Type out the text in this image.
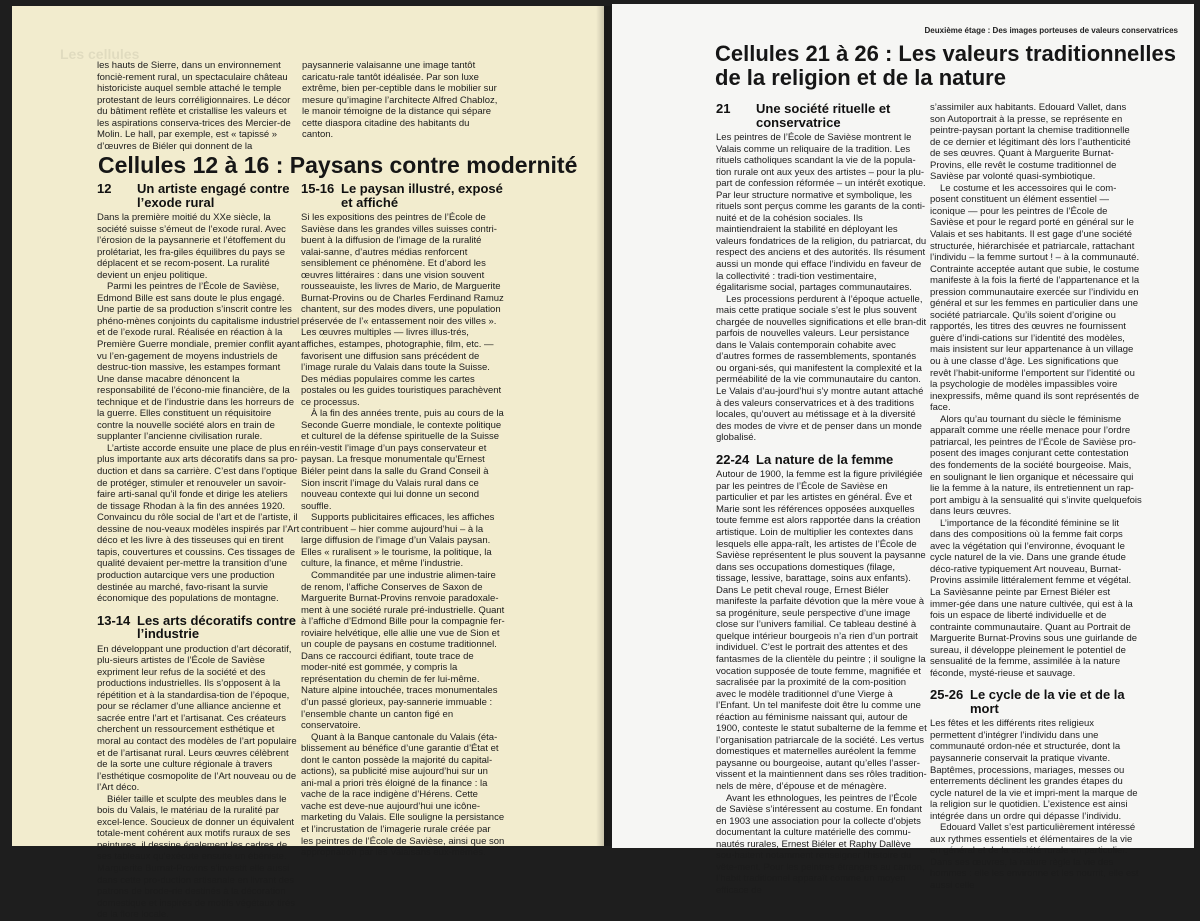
Les cellules

les hauts de Sierre, dans un environnement fonciè-rement rural, un spectaculaire château historiciste auquel semble attaché le temple protestant de leurs corréligionnaires. Le décor du bâtiment reflète et cristallise les valeurs et les aspirations conserva-trices des Mercier-de Molin. Le hall, par exemple, est « tapissé » d’œuvres de Biéler qui donnent de la

paysannerie valaisanne une image tantôt caricatu-rale tantôt idéalisée. Par son luxe extrême, bien per-ceptible dans le mobilier sur mesure qu’imagine l’architecte Alfred Chabloz, le manoir témoigne de la distance qui sépare cette diaspora citadine des habitants du canton.

Cellules 12 à 16 : Paysans contre modernité
12	Un artiste engagé contre l’exode rural

Dans la première moitié du XXe siècle, la société suisse s’émeut de l’exode rural. Avec l’érosion de la paysannerie et l’étoffement du prolétariat, les fra-giles équilibres du pays se déplacent et se recom-posent. La ruralité devient un enjeu politique.

Parmi les peintres de l’École de Savièse, Edmond Bille est sans doute le plus engagé. Une partie de sa production s’inscrit contre les phéno-mènes conjoints du capitalisme industriel et de l’exode rural. Réalisée en réaction à la Première Guerre mondiale, premier conflit ayant vu l’en-gagement de moyens industriels de destruc-tion massive, les estampes formant Une danse macabre dénoncent la responsabilité de l’écono-mie financière, de la technique et de l’industrie dans les horreurs de la guerre. Elles constituent un réquisitoire contre la nouvelle société alors en train de supplanter l’ancienne civilisation rurale.

L’artiste accorde ensuite une place de plus en plus importante aux arts décoratifs dans sa pro-duction et dans sa carrière. C’est dans l’optique de protéger, stimuler et renouveler un savoir-faire arti-sanal qu’il fonde et dirige les ateliers de tissage Rhodan à la fin des années 1920. Convaincu du rôle social de l’art et de l’artiste, il dessine de nou-veaux modèles inspirés par l’Art déco et les livre à des tisseuses qui en tirent tapis, couvertures et coussins. Ces tissages de qualité devaient per-mettre la transition d’une production autarcique vers une production destinée au marché, favo-risant la survie économique des populations de montagne.

13-14 Les arts décoratifs contre l’industrie

En développant une production d’art décoratif, plu-sieurs artistes de l’École de Savièse expriment leur refus de la société et des productions industrielles. Ils s’opposent à la répétition et à la standardisa-tion de l’époque, pour se réclamer d’une alliance ancienne et sacrée entre l’art et l’artisanat. Ces créateurs cherchent un ressourcement esthétique et moral au contact des modèles de l’art populaire et de l’artisanat rural. Leurs œuvres célèbrent de la sorte une culture régionale à travers l’esthétique cosmopolite de l’Art nouveau ou de l’Art déco.

Biéler taille et sculpte des meubles dans le bois du Valais, le matériau de la ruralité par excel-lence. Soucieux de donner un équivalent totale-ment cohérent aux motifs ruraux de ses peintures, il dessine également les cadres de ses tableaux qu’exécute ensuite un ébéniste. Marguerite Burnat-Provins s’investit elle aussi dans cette pro-duction artisanale en livrant des patrons de brode-rie destinés à la décoration domestique et inspirés de motifs végétaux tirés de la flore locale.

15-16 Le paysan illustré, exposé et affiché

Si les expositions des peintres de l’École de Savièse dans les grandes villes suisses contri-buent à la diffusion de l’image de la ruralité valai-sanne, d’autres médias renforcent sensiblement ce phénomène. Et d’abord les œuvres littéraires : dans une vision souvent rousseauiste, les livres de Mario, de Marguerite Burnat-Provins ou de Charles Ferdinand Ramuz chantent, sur des modes divers, une population préservée de l’« entassement noir des villes ». Les œuvres multiples — livres illus-trés, affiches, estampes, photographie, film, etc. — favorisent une diffusion sans précédent de l’image rurale du Valais dans toute la Suisse. Des médias populaires comme les cartes postales ou les guides touristiques parachèvent ce processus.

À la fin des années trente, puis au cours de la Seconde Guerre mondiale, le contexte politique et culturel de la défense spirituelle de la Suisse réin-vestit l’image d’un pays conservateur et paysan. La fresque monumentale qu’Ernest Biéler peint dans la salle du Grand Conseil à Sion inscrit l’image du Valais rural dans ce nouveau contexte qui lui donne un second souffle.

Supports publicitaires efficaces, les affiches contribuent – hier comme aujourd’hui – à la large diffusion de l’image d’un Valais paysan. Elles « ruralisent » le tourisme, la politique, la culture, la finance, et même l’industrie.

Commanditée par une industrie alimen-taire de renom, l’affiche Conserves de Saxon de Marguerite Burnat-Provins renvoie paradoxale-ment à une société rurale pré-industrielle. Quant à l’affiche d’Edmond Bille pour la compagnie fer-roviaire helvétique, elle allie une vue de Sion et un couple de paysans en costume traditionnel. Dans ce raccourci édifiant, toute trace de moder-nité est gommée, y compris la représentation du chemin de fer lui-même. Nature alpine intouchée, traces monumentales d’un passé glorieux, pay-sannerie immuable : l’ensemble chante un canton figé en conservatoire.

Quant à la Banque cantonale du Valais (éta-blissement au bénéfice d’une garantie d’État et dont le canton possède la majorité du capital-actions), sa publicité mise aujourd’hui sur un ani-mal a priori très éloigné de la finance : la vache de la race indigène d’Hérens. Cette vache est deve-nue aujourd’hui une icône-marketing du Valais. Elle souligne la persistance et l’incrustation de l’imagerie rurale créée par les peintres de l’École de Savièse, ainsi que son appropriation par les Valaisans eux-mêmes.

Deuxième étage : Des images porteuses de valeurs conservatrices
Cellules 21 à 26 : Les valeurs traditionnelles
de la religion et de la nature
21	Une société rituelle et conservatrice

Les peintres de l’École de Savièse montrent le Valais comme un reliquaire de la tradition. Les rituels catholiques scandant la vie de la popula-tion rurale ont aux yeux des artistes – pour la plu-part de confession réformée – un intérêt exotique. Par leur structure normative et symbolique, les rituels sont perçus comme les garants de la conti-nuité et de la cohésion sociales. Ils maintiendraient la stabilité en déployant les valeurs fondatrices de la religion, du patriarcat, du respect des anciens et des autorités. Ils résument aussi un monde qui efface l’individu en faveur de la collectivité : tradi-tion vestimentaire, égalitarisme social, partages communautaires.

Les processions perdurent à l’époque actuelle, mais cette pratique sociale s’est le plus souvent chargée de nouvelles significations et elle bran-dit parfois de nouvelles valeurs. Leur persistance dans le Valais contemporain cohabite avec d’autres formes de rassemblements, spontanés ou organi-sés, qui manifestent la complexité et la perméabilité de la vie communautaire du canton. Le Valais d’au-jourd’hui s’y montre autant attaché à des valeurs conservatrices et à des traditions locales, qu’ouvert au métissage et à la diversité des modes de vivre et de penser dans un monde globalisé.

22-24 La nature de la femme

Autour de 1900, la femme est la figure privilégiée par les peintres de l’École de Savièse en particulier et par les artistes en général. Ève et Marie sont les références opposées auxquelles toute femme est alors rapportée dans la création artistique. Loin de multiplier les contextes dans lesquels elle appa-raît, les artistes de l’École de Savièse représentent le plus souvent la paysanne dans ses occupations domestiques (filage, tissage, lessive, barattage, soins aux enfants). Dans Le petit cheval rouge, Ernest Biéler manifeste la parfaite dévotion que la mère voue à sa progéniture, seule perspective d’une image close sur l’univers familial. Ce tableau destiné à quelque intérieur bourgeois n’a rien d’un portrait individuel. C’est le portrait des attentes et des fantasmes de la clientèle du peintre ; il souligne la vocation supposée de toute femme, magnifiée et sacralisée par la proximité de la com-position avec le modèle traditionnel d’une Vierge à l’Enfant. Un tel manifeste doit être lu comme une réaction au féminisme naissant qui, autour de 1900, conteste le statut subalterne de la femme et l’organisation patriarcale de la société. Les vertus domestiques et maternelles auréolent la femme paysanne ou bourgeoise, autant qu’elles l’asser-vissent et la maintiennent dans ses rôles tradition-nels de mère, d’épouse et de ménagère.

Avant les ethnologues, les peintres de l’École de Savièse s’intéressent au costume. En fondant en 1903 une association pour la collecte d’objets documentant la culture matérielle des commu-nautés rurales, Ernest Biéler et Raphy Dallève sou-haitent notamment renseigner l’histoire du vête-ment. Pour les peintres étrangers au canton, l’habit traditionnel apparaît comme un moyen efficace de

s’assimiler aux habitants. Edouard Vallet, dans son Autoportrait à la presse, se représente en peintre-paysan portant la chemise traditionnelle de ce dernier et légitimant dès lors l’authenticité de ses œuvres. Quant à Marguerite Burnat-Provins, elle revêt le costume traditionnel de Savièse par volonté quasi-symbiotique.

Le costume et les accessoires qui le com-posent constituent un élément essentiel — iconique — pour les peintres de l’École de Savièse et pour le regard porté en général sur le Valais et ses habitants. Il est gage d’une société structurée, hiérarchisée et patriarcale, rattachant l’individu – la femme surtout ! – à la communauté. Contrainte acceptée autant que subie, le costume manifeste à la fois la fierté de l’appartenance et la pression communautaire exercée sur l’individu en général et sur les femmes en particulier dans une société patriarcale. Qu’ils soient d’origine ou rapportés, les titres des œuvres ne fournissent guère d’indi-cations sur l’identité des modèles, mais insistent sur leur appartenance à un village ou à une classe d’âge. Les significations que revêt l’habit-uniforme l’emportent sur l’identité ou la psychologie de modèles impassibles voire inexpressifs, même quand ils sont représentés de face.

Alors qu’au tournant du siècle le féminisme apparaît comme une réelle menace pour l’ordre patriarcal, les peintres de l’École de Savièse pro-posent des images conjurant cette contestation des fondements de la société bourgeoise. Mais, en soulignant le lien organique et nécessaire qui lie la femme à la nature, ils entretiennent un rap-port ambigu à la sensualité qui s’invite quelquefois dans leurs œuvres.

L’importance de la fécondité féminine se lit dans des compositions où la femme fait corps avec la végétation qui l’environne, évoquant le cycle naturel de la vie. Dans une grande étude déco-rative typiquement Art nouveau, Burnat-Provins assimile littéralement femme et végétal. La Savièsanne peinte par Ernest Biéler est immer-gée dans une nature cultivée, qui est à la fois un espace de liberté individuelle et de contrainte communautaire. Quant au Portrait de Marguerite Burnat-Provins sous une guirlande de sureau, il développe pleinement le potentiel de sensualité de la femme, assimilée à la nature féconde, mysté-rieuse et sauvage.

25-26 Le cycle de la vie et de la mort

Les fêtes et les différents rites religieux permettent d’intégrer l’individu dans une communauté ordon-née et structurée, dont la paysannerie conservait la pratique vivante. Baptêmes, processions, mariages, messes ou enterrements déclinent les grandes étapes du cycle naturel de la vie et impri-ment la marque de la religion sur le quotidien. L’existence est ainsi intégrée dans un ordre qui dépasse l’individu.

Edouard Vallet s’est particulièrement intéressé aux rythmes essentiels et élémentaires de la vie en général et de la société rurale en particulier. Dans ses œuvres, la nature règle la vie des hommes : elle les environne et les nourrit, elle est aussi celle
